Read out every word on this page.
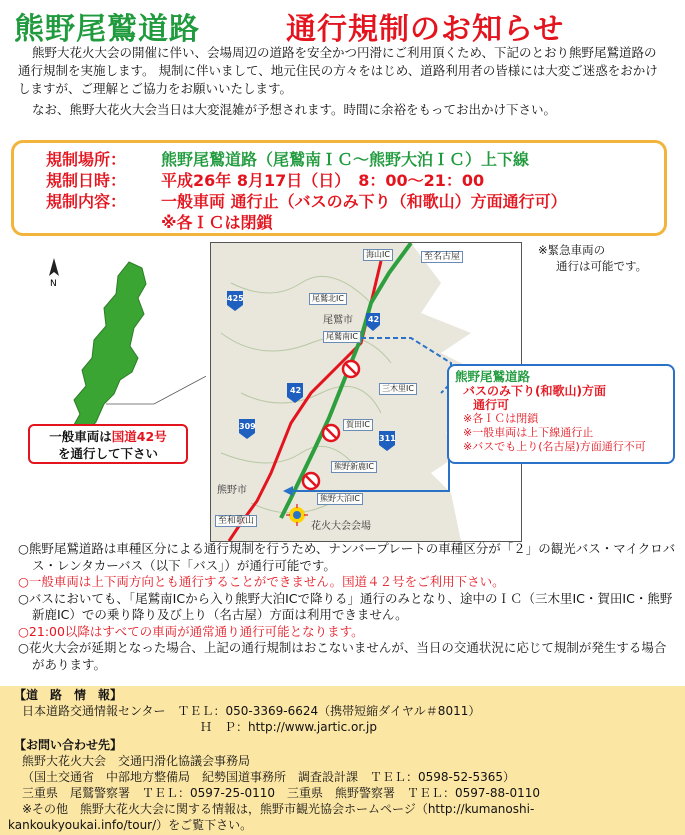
熊野尾鷲道路	通行規制のお知らせ

熊野大花火大会の開催に伴い、会場周辺の道路を安全かつ円滑にご利用頂くため、下記のとおり熊野尾鷲道路の通行規制を実施します。 規制に伴いまして、地元住民の方々をはじめ、道路利用者の皆様には大変ご迷惑をおかけしますが、ご理解とご協力をお願いいたします。

なお、熊野大花火大会当日は大変混雑が予想されます。時間に余裕をもってお出かけ下さい。

規制場所： 熊野尾鷲道路（尾鷲南ＩＣ～熊野大泊ＩＣ）上下線
規制日時： 平成26年 8月17日（日）　8：00～21：00
規制内容： 一般車両 通行止（バスのみ下り（和歌山）方面通行可）
※各ＩＣは閉鎖
※緊急車両の
通行は可能です。
N
海山IC	至名古屋
尾鷲北IC
尾鷲市
尾鷲南IC
三木里IC
賀田IC
熊野新鹿IC
熊野市
熊野大泊IC
至和歌山	花火大会会場
42
42
425
309
311
一般車両は国道42号
を通行して下さい
熊野尾鷲道路
バスのみ下り(和歌山)方面
通行可
※各ＩＣは閉鎖
※一般車両は上下線通行止
※バスでも上り(名古屋)方面通行不可

○熊野尾鷲道路は車種区分による通行規制を行うため、ナンバープレートの車種区分が「２」の観光バス・マイクロバス・レンタカーバス（以下「バス」）が通行可能です。

○一般車両は上下両方向とも通行することができません。国道４２号をご利用下さい。

○バスにおいても、「尾鷲南ICから入り熊野大泊ICで降りる」通行のみとなり、途中のＩＣ（三木里IC・賀田IC・熊野新鹿IC）での乗り降り及び上り（名古屋）方面は利用できません。

○21:00以降はすべての車両が通常通り通行可能となります。

○花火大会が延期となった場合、上記の通行規制はおこないませんが、当日の交通状況に応じて規制が発生する場合があります。

【道　路　情　報】
日本道路交通情報センター　ＴＥＬ：050-3369-6624（携帯短縮ダイヤル＃8011）
Ｈ　Ｐ：http://www.jartic.or.jp
【お問い合わせ先】
熊野大花火大会　交通円滑化協議会事務局
（国土交通省　中部地方整備局　紀勢国道事務所　調査設計課　ＴＥＬ：0598-52-5365）
三重県　尾鷲警察署　ＴＥＬ：0597-25-0110　三重県　熊野警察署　ＴＥＬ：0597-88-0110
※その他　熊野大花火大会に関する情報は，熊野市観光協会ホームページ（http://kumanoshi-
kankoukyoukai.info/tour/）をご覧下さい。
